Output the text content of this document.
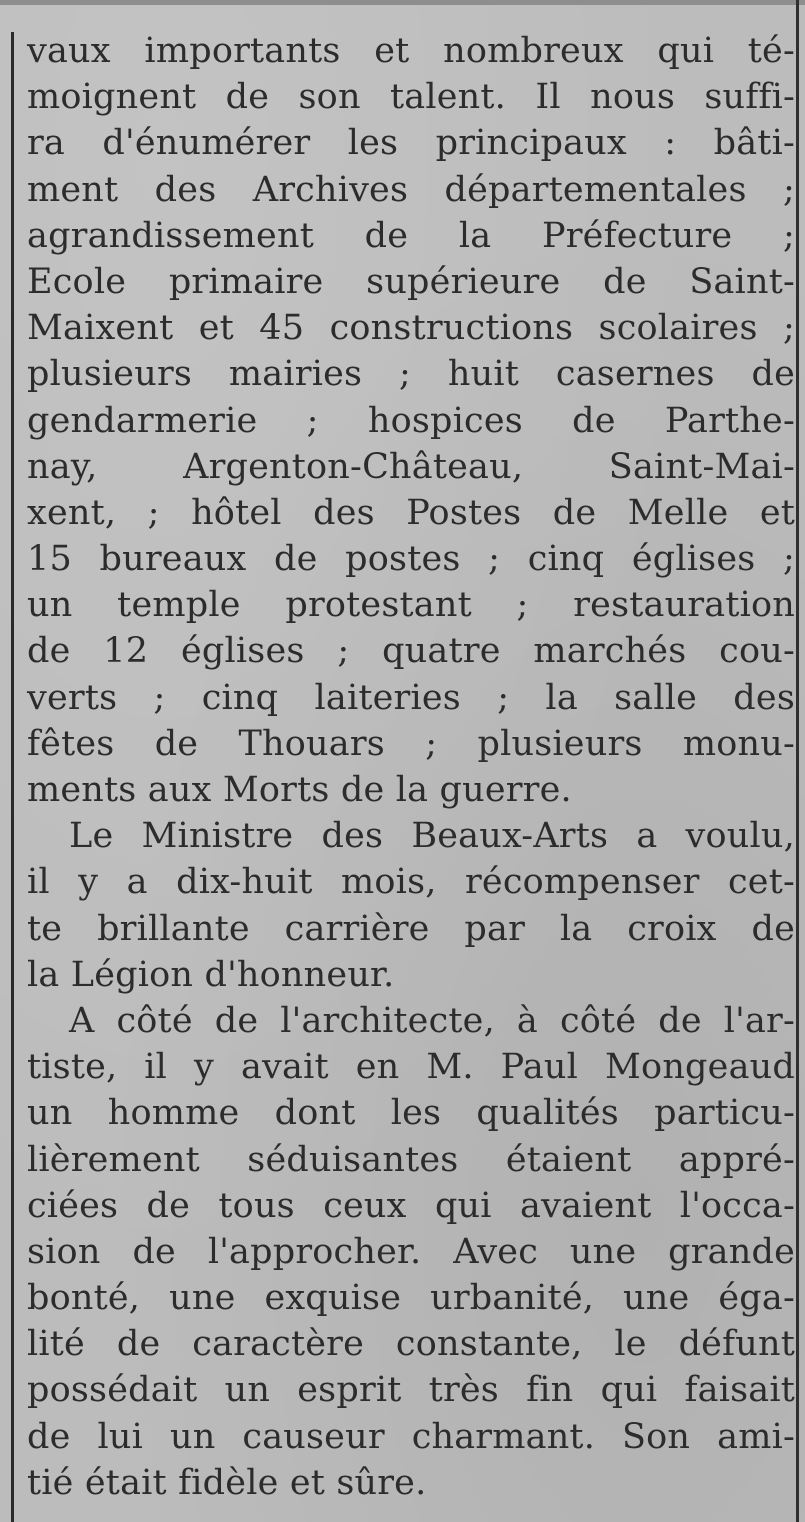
vaux importants et nombreux qui té-
moignent de son talent. Il nous suffi-
ra d'énumérer les principaux : bâti-
ment des Archives départementales ;
agrandissement de la Préfecture ;
Ecole primaire supérieure de Saint-
Maixent et 45 constructions scolaires ;
plusieurs mairies ; huit casernes de
gendarmerie ; hospices de Parthe-
nay, Argenton-Château, Saint-Mai-
xent, ; hôtel des Postes de Melle et
15 bureaux de postes ; cinq églises ;
un temple protestant ; restauration
de 12 églises ; quatre marchés cou-
verts ; cinq laiteries ; la salle des
fêtes de Thouars ; plusieurs monu-
ments aux Morts de la guerre.
Le Ministre des Beaux-Arts a voulu,
il y a dix-huit mois, récompenser cet-
te brillante carrière par la croix de
la Légion d'honneur.
A côté de l'architecte, à côté de l'ar-
tiste, il y avait en M. Paul Mongeaud
un homme dont les qualités particu-
lièrement séduisantes étaient appré-
ciées de tous ceux qui avaient l'occa-
sion de l'approcher. Avec une grande
bonté, une exquise urbanité, une éga-
lité de caractère constante, le défunt
possédait un esprit très fin qui faisait
de lui un causeur charmant. Son ami-
tié était fidèle et sûre.
